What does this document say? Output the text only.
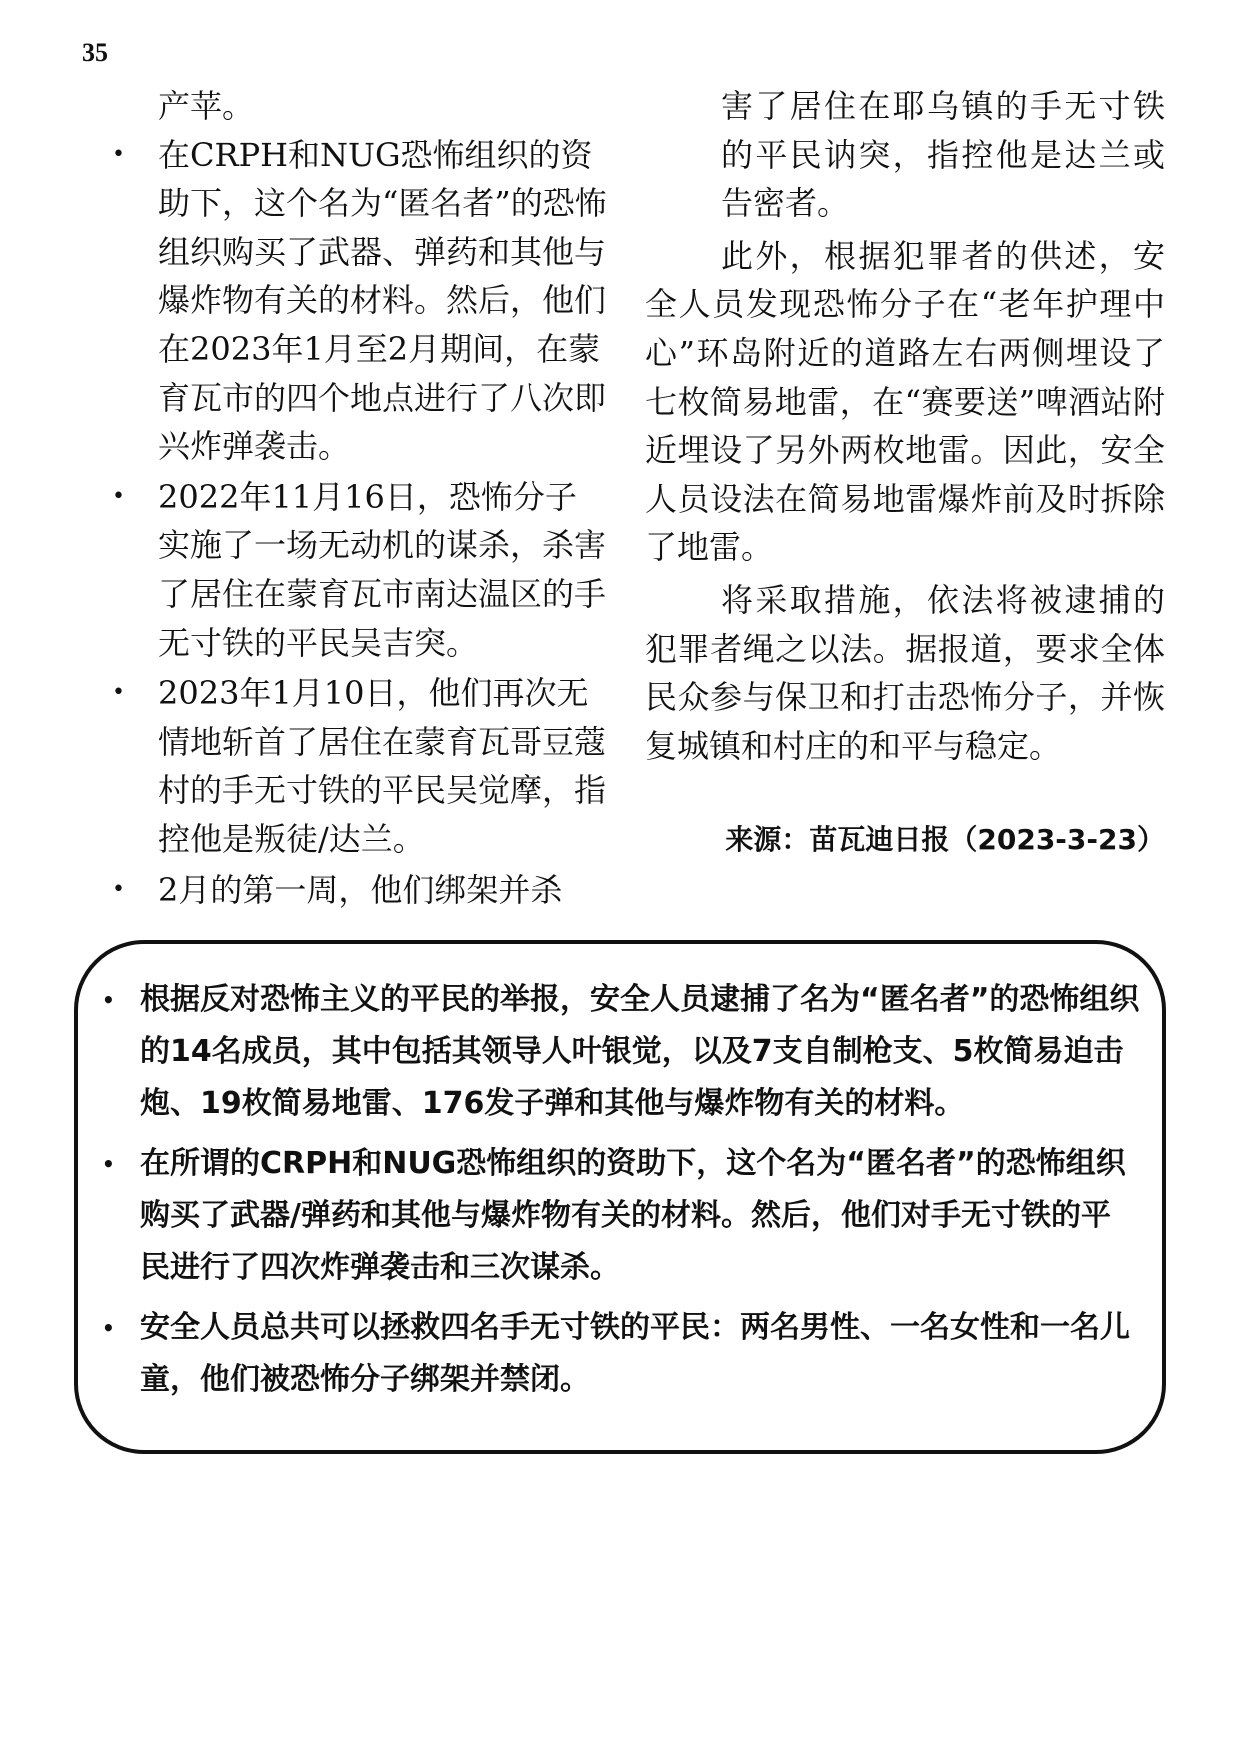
35

产苹。

• 在CRPH和NUG恐怖组织的资助下，这个名为“匿名者”的恐怖组织购买了武器、弹药和其他与爆炸物有关的材料。然后，他们在2023年1月至2月期间，在蒙育瓦市的四个地点进行了八次即兴炸弹袭击。
• 2022年11月16日，恐怖分子实施了一场无动机的谋杀，杀害了居住在蒙育瓦市南达温区的手无寸铁的平民吴吉突。
• 2023年1月10日，他们再次无情地斩首了居住在蒙育瓦哥豆蔻村的手无寸铁的平民吴觉摩，指控他是叛徒/达兰。
• 2月的第一周，他们绑架并杀

害了居住在耶乌镇的手无寸铁的平民讷突，指控他是达兰或告密者。

此外，根据犯罪者的供述，安全人员发现恐怖分子在“老年护理中心”环岛附近的道路左右两侧埋设了七枚简易地雷，在“赛要送”啤酒站附近埋设了另外两枚地雷。因此，安全人员设法在简易地雷爆炸前及时拆除了地雷。

将采取措施，依法将被逮捕的犯罪者绳之以法。据报道，要求全体民众参与保卫和打击恐怖分子，并恢复城镇和村庄的和平与稳定。

来源：苗瓦迪日报（2023-3-23）
• 根据反对恐怖主义的平民的举报，安全人员逮捕了名为“匿名者”的恐怖组织的14名成员，其中包括其领导人叶银觉，以及7支自制枪支、5枚简易迫击炮、19枚简易地雷、176发子弹和其他与爆炸物有关的材料。
• 在所谓的CRPH和NUG恐怖组织的资助下，这个名为“匿名者”的恐怖组织购买了武器/弹药和其他与爆炸物有关的材料。然后，他们对手无寸铁的平民进行了四次炸弹袭击和三次谋杀。
• 安全人员总共可以拯救四名手无寸铁的平民：两名男性、一名女性和一名儿童，他们被恐怖分子绑架并禁闭。
